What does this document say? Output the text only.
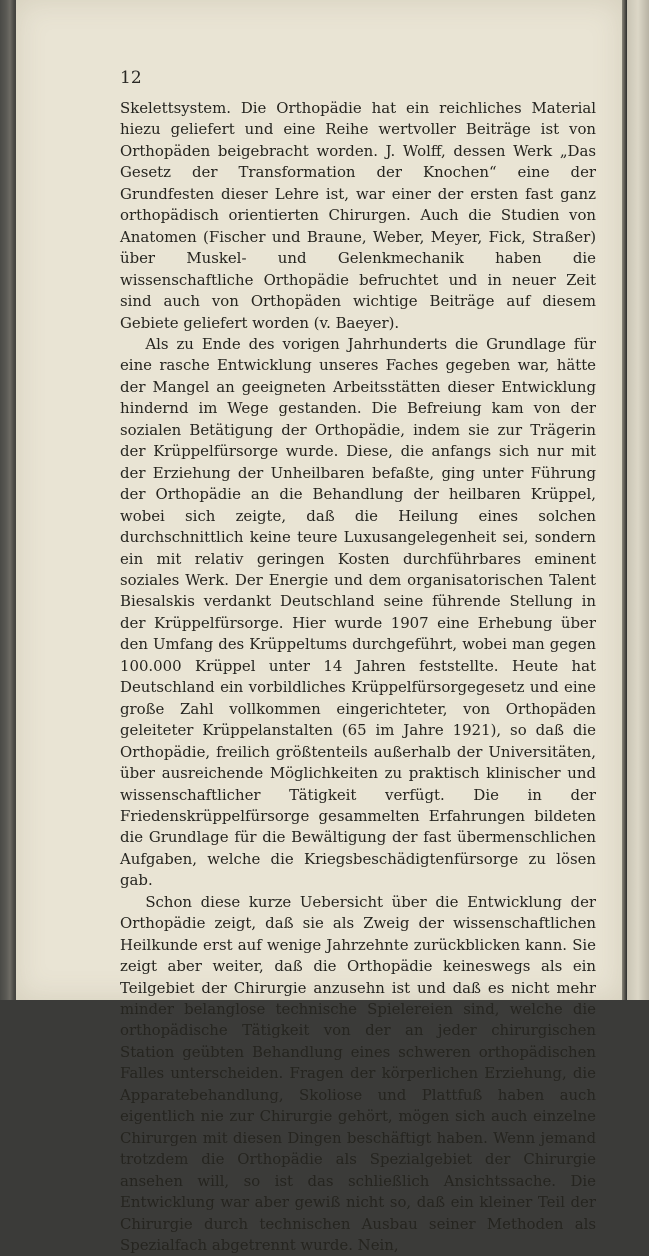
12

Skelettsystem. Die Orthopädie hat ein reichliches Material hiezu geliefert und eine Reihe wertvoller Beiträge ist von Orthopäden beigebracht worden. J. Wolff, dessen Werk „Das Gesetz der Transformation der Knochen“ eine der Grundfesten dieser Lehre ist, war einer der ersten fast ganz orthopädisch orientierten Chirurgen. Auch die Studien von Anatomen (Fischer und Braune, Weber, Meyer, Fick, Straßer) über Muskel- und Gelenkmechanik haben die wissenschaftliche Orthopädie befruchtet und in neuer Zeit sind auch von Orthopäden wichtige Beiträge auf diesem Gebiete geliefert worden (v. Baeyer).

Als zu Ende des vorigen Jahrhunderts die Grundlage für eine rasche Entwicklung unseres Faches gegeben war, hätte der Mangel an geeigneten Arbeitsstätten dieser Entwicklung hindernd im Wege gestanden. Die Befreiung kam von der sozialen Betätigung der Orthopädie, indem sie zur Trägerin der Krüppelfürsorge wurde. Diese, die anfangs sich nur mit der Erziehung der Unheilbaren befaßte, ging unter Führung der Orthopädie an die Behandlung der heilbaren Krüppel, wobei sich zeigte, daß die Heilung eines solchen durchschnittlich keine teure Luxusangelegenheit sei, sondern ein mit relativ geringen Kosten durchführbares eminent soziales Werk. Der Energie und dem organisatorischen Talent Biesalskis verdankt Deutschland seine führende Stellung in der Krüppelfürsorge. Hier wurde 1907 eine Erhebung über den Umfang des Krüppeltums durchgeführt, wobei man gegen 100.000 Krüppel unter 14 Jahren feststellte. Heute hat Deutschland ein vorbildliches Krüppelfürsorgegesetz und eine große Zahl vollkommen eingerichteter, von Orthopäden geleiteter Krüppelanstalten (65 im Jahre 1921), so daß die Orthopädie, freilich größtenteils außerhalb der Universitäten, über ausreichende Möglichkeiten zu praktisch klinischer und wissenschaftlicher Tätigkeit verfügt. Die in der Friedenskrüppelfürsorge gesammelten Erfahrungen bildeten die Grundlage für die Bewältigung der fast übermenschlichen Aufgaben, welche die Kriegsbeschädigtenfürsorge zu lösen gab.

Schon diese kurze Uebersicht über die Entwicklung der Orthopädie zeigt, daß sie als Zweig der wissenschaftlichen Heilkunde erst auf wenige Jahrzehnte zurückblicken kann. Sie zeigt aber weiter, daß die Orthopädie keineswegs als ein Teilgebiet der Chirurgie anzusehn ist und daß es nicht mehr minder belanglose technische Spielereien sind, welche die orthopädische Tätigkeit von der an jeder chirurgischen Station geübten Behandlung eines schweren orthopädischen Falles unterscheiden. Fragen der körperlichen Erziehung, die Apparatebehandlung, Skoliose und Plattfuß haben auch eigentlich nie zur Chirurgie gehört, mögen sich auch einzelne Chirurgen mit diesen Dingen beschäftigt haben. Wenn jemand trotzdem die Orthopädie als Spezialgebiet der Chirurgie ansehen will, so ist das schließlich Ansichtssache. Die Entwicklung war aber gewiß nicht so, daß ein kleiner Teil der Chirurgie durch technischen Ausbau seiner Methoden als Spezialfach abgetrennt wurde. Nein,
